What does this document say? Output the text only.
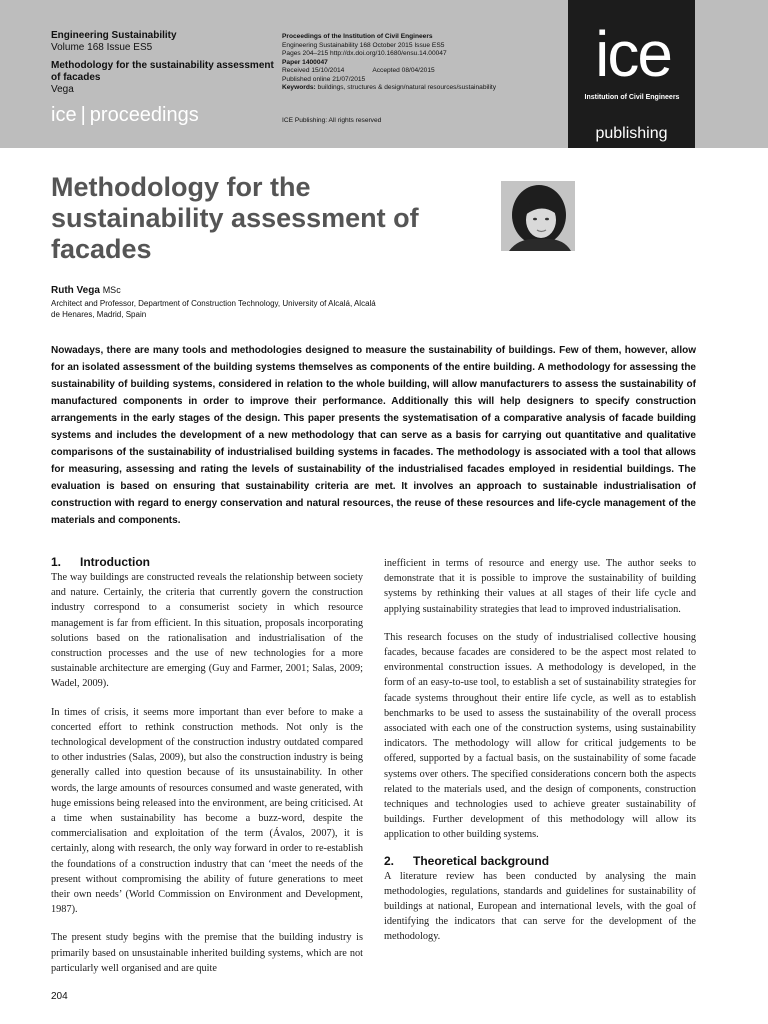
Engineering Sustainability
Volume 168 Issue ES5
Methodology for the sustainability assessment of facades
Vega
ice | proceedings
Proceedings of the Institution of Civil Engineers
Engineering Sustainability 168 October 2015 Issue ES5
Pages 204–215 http://dx.doi.org/10.1680/ensu.14.00047
Paper 1400047
Received 15/10/2014	Accepted 08/04/2015
Published online 21/07/2015
Keywords: buildings, structures & design/natural resources/sustainability
ICE Publishing: All rights reserved
ice
Institution of Civil Engineers
publishing
Methodology for the sustainability assessment of facades
Ruth Vega MSc
Architect and Professor, Department of Construction Technology, University of Alcalá, Alcalá de Henares, Madrid, Spain

Nowadays, there are many tools and methodologies designed to measure the sustainability of buildings. Few of them, however, allow for an isolated assessment of the building systems themselves as components of the entire building. A methodology for assessing the sustainability of building systems, considered in relation to the whole building, will allow manufacturers to assess the sustainability of manufactured components in order to improve their performance. Additionally this will help designers to specify construction arrangements in the early stages of the design. This paper presents the systematisation of a comparative analysis of facade building systems and includes the development of a new methodology that can serve as a basis for carrying out quantitative and qualitative comparisons of the sustainability of industrialised building systems in facades. The methodology is associated with a tool that allows for measuring, assessing and rating the levels of sustainability of the industrialised facades employed in residential buildings. The evaluation is based on ensuring that sustainability criteria are met. It involves an approach to sustainable industrialisation of construction with regard to energy conservation and natural resources, the reuse of these resources and life-cycle management of the materials and components.

1. Introduction

The way buildings are constructed reveals the relationship between society and nature. Certainly, the criteria that currently govern the construction industry correspond to a consumerist society in which resource management is far from efficient. In this situation, proposals incorporating solutions based on the rationalisation and industrialisation of the construction processes and the use of new technologies for a more sustainable architecture are emerging (Guy and Farmer, 2001; Salas, 2009; Wadel, 2009).

In times of crisis, it seems more important than ever before to make a concerted effort to rethink construction methods. Not only is the technological development of the construction industry outdated compared to other industries (Salas, 2009), but also the construction industry is being generally called into question because of its unsustainability. In other words, the large amounts of resources consumed and waste generated, with huge emissions being released into the environment, are being criticised. At a time when sustainability has become a buzz-word, despite the commercialisation and exploitation of the term (Ávalos, 2007), it is certainly, along with research, the only way forward in order to re-establish the foundations of a construction industry that can ‘meet the needs of the present without compromising the ability of future generations to meet their own needs’ (World Commission on Environment and Development, 1987).

The present study begins with the premise that the building industry is primarily based on unsustainable inherited building systems, which are not particularly well organised and are quite

inefficient in terms of resource and energy use. The author seeks to demonstrate that it is possible to improve the sustainability of building systems by rethinking their values at all stages of their life cycle and applying sustainability strategies that lead to improved industrialisation.

This research focuses on the study of industrialised collective housing facades, because facades are considered to be the aspect most related to environmental construction issues. A methodology is developed, in the form of an easy-to-use tool, to establish a set of sustainability strategies for facade systems throughout their entire life cycle, as well as to establish benchmarks to be used to assess the sustainability of the overall process associated with each one of the construction systems, using sustainability indicators. The methodology will allow for critical judgements to be offered, supported by a factual basis, on the sustainability of some facade systems over others. The specified considerations concern both the aspects related to the materials used, and the design of components, construction techniques and technologies used to achieve greater sustainability of buildings. Further development of this methodology will allow its application to other building systems.

2. Theoretical background

A literature review has been conducted by analysing the main methodologies, regulations, standards and guidelines for sustainability of buildings at national, European and international levels, with the goal of identifying the indicators that can serve for the development of the methodology.

204
